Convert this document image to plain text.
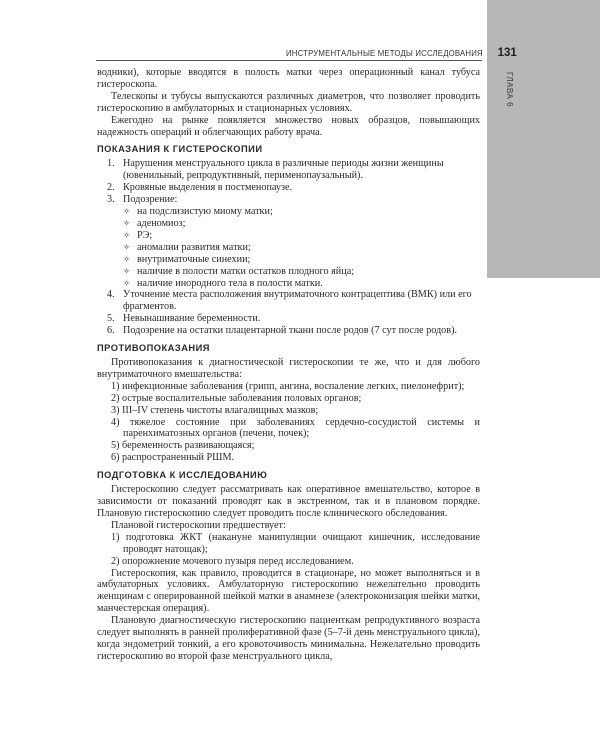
ГЛАВА 6
ИНСТРУМЕНТАЛЬНЫЕ МЕТОДЫ ИССЛЕДОВАНИЯ 131

водники), которые вводятся в полость матки через операционный канал тубуса гистероскопа.

Телескопы и тубусы выпускаются различных диаметров, что позволяет проводить гистероскопию в амбулаторных и стационарных условиях.

Ежегодно на рынке появляется множество новых образцов, повышающих надежность операций и облегчающих работу врача.

ПОКАЗАНИЯ К ГИСТЕРОСКОПИИ
1. Нарушения менструального цикла в различные периоды жизни женщины (ювенильный, репродуктивный, перименопаузальный).
2. Кровяные выделения в постменопаузе.
3. Подозрение:
✧ на подслизистую миому матки;
✧ аденомиоз;
✧ РЭ;
✧ аномалии развития матки;
✧ внутриматочные синехии;
✧ наличие в полости матки остатков плодного яйца;
✧ наличие инородного тела в полости матки.
4. Уточнение места расположения внутриматочного контрацептива (ВМК) или его фрагментов.
5. Невынашивание беременности.
6. Подозрение на остатки плацентарной ткани после родов (7 сут после родов).
ПРОТИВОПОКАЗАНИЯ

Противопоказания к диагностической гистероскопии те же, что и для любого внутриматочного вмешательства:

1) инфекционные заболевания (грипп, ангина, воспаление легких, пиелонефрит);
2) острые воспалительные заболевания половых органов;
3) III–IV степень чистоты влагалищных мазков;
4) тяжелое состояние при заболеваниях сердечно-сосудистой системы и паренхиматозных органов (печени, почек);
5) беременность развивающаяся;
6) распространенный РШМ.
ПОДГОТОВКА К ИССЛЕДОВАНИЮ

Гистероскопию следует рассматривать как оперативное вмешательство, которое в зависимости от показаний проводят как в экстренном, так и в плановом порядке. Плановую гистероскопию следует проводить после клинического обследования.

Плановой гистероскопии предшествует:

1) подготовка ЖКТ (накануне манипуляции очищают кишечник, исследование проводят натощак);
2) опорожнение мочевого пузыря перед исследованием.

Гистероскопия, как правило, проводится в стационаре, но может выполняться и в амбулаторных условиях. Амбулаторную гистероскопию нежелательно проводить женщинам с оперированной шейкой матки в анамнезе (электроконизация шейки матки, манчестерская операция).

Плановую диагностическую гистероскопию пациенткам репродуктивного возраста следует выполнять в ранней пролиферативной фазе (5–7-й день менструального цикла), когда эндометрий тонкий, а его кровоточивость минимальна. Нежелательно проводить гистероскопию во второй фазе менструального цикла,
